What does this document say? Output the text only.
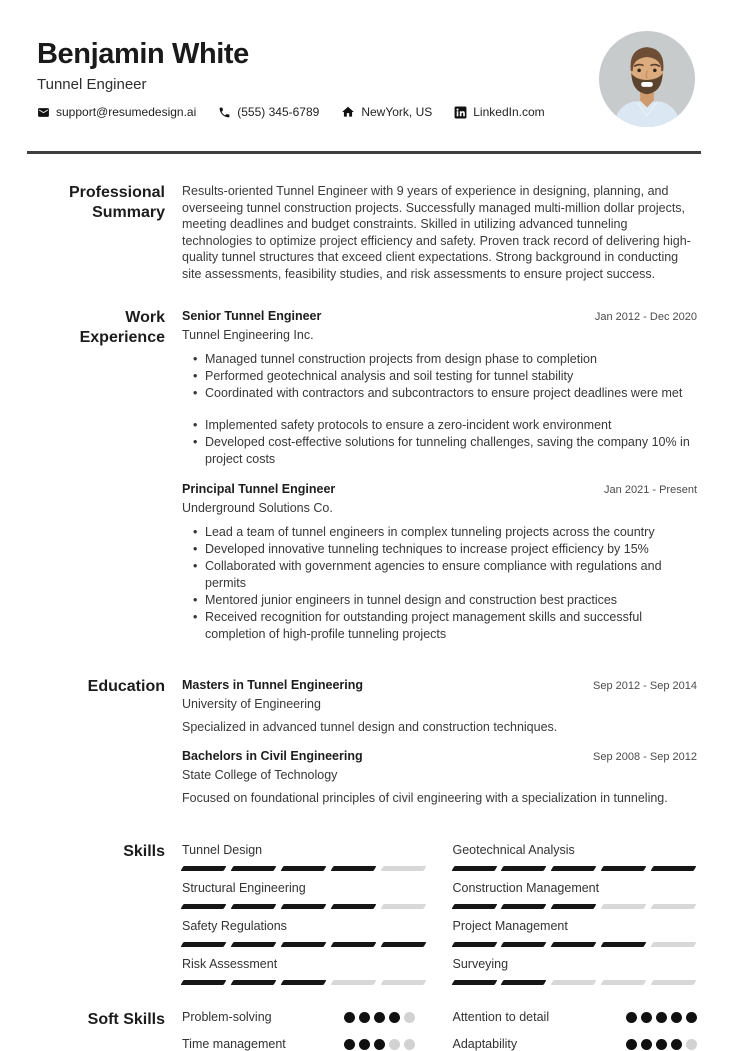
Benjamin White
Tunnel Engineer
support@resumedesign.ai	(555) 345-6789	NewYork, US	LinkedIn.com
Professional Summary
Results-oriented Tunnel Engineer with 9 years of experience in designing, planning, and overseeing tunnel construction projects. Successfully managed multi-million dollar projects, meeting deadlines and budget constraints. Skilled in utilizing advanced tunneling technologies to optimize project efficiency and safety. Proven track record of delivering high-quality tunnel structures that exceed client expectations. Strong background in conducting site assessments, feasibility studies, and risk assessments to ensure project success.
Work Experience
Senior Tunnel Engineer	Jan 2012 - Dec 2020
Tunnel Engineering Inc.
• Managed tunnel construction projects from design phase to completion
• Performed geotechnical analysis and soil testing for tunnel stability
• Coordinated with contractors and subcontractors to ensure project deadlines were met
• Implemented safety protocols to ensure a zero-incident work environment
• Developed cost-effective solutions for tunneling challenges, saving the company 10% in project costs
Principal Tunnel Engineer	Jan 2021 - Present
Underground Solutions Co.
• Lead a team of tunnel engineers in complex tunneling projects across the country
• Developed innovative tunneling techniques to increase project efficiency by 15%
• Collaborated with government agencies to ensure compliance with regulations and permits
• Mentored junior engineers in tunnel design and construction best practices
• Received recognition for outstanding project management skills and successful completion of high-profile tunneling projects
Education Masters in Tunnel Engineering	Sep 2012 - Sep 2014
University of Engineering
Specialized in advanced tunnel design and construction techniques.
Bachelors in Civil Engineering	Sep 2008 - Sep 2012
State College of Technology
Focused on foundational principles of civil engineering with a specialization in tunneling.
Skills Tunnel Design	Geotechnical Analysis
Structural Engineering	Construction Management
Safety Regulations	Project Management
Risk Assessment	Surveying
Soft Skills Problem-solving	Attention to detail
Time management	Adaptability
